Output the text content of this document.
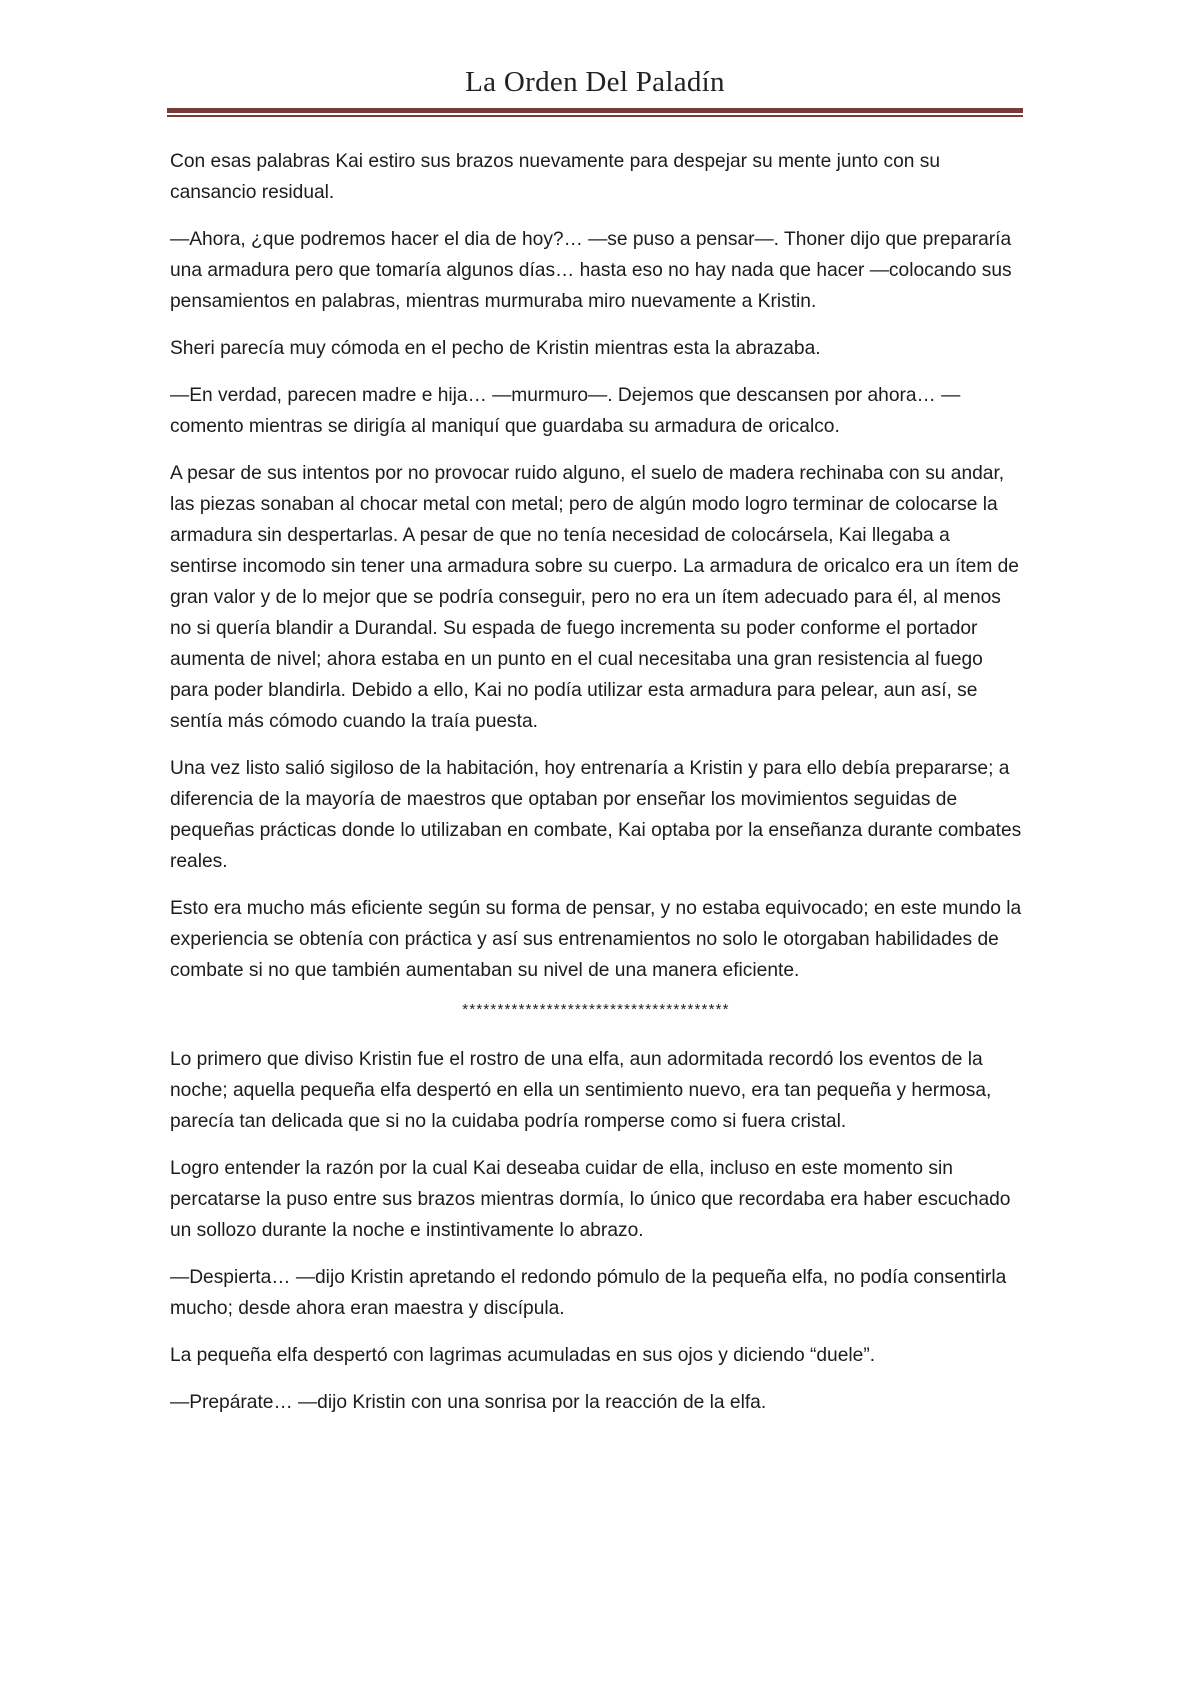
La Orden Del Paladín

Con esas palabras Kai estiro sus brazos nuevamente para despejar su mente junto con su cansancio residual.

—Ahora, ¿que podremos hacer el dia de hoy?… —se puso a pensar—. Thoner dijo que prepararía una armadura pero que tomaría algunos días… hasta eso no hay nada que hacer —colocando sus pensamientos en palabras, mientras murmuraba miro nuevamente a Kristin.

Sheri parecía muy cómoda en el pecho de Kristin mientras esta la abrazaba.

—En verdad, parecen madre e hija… —murmuro—. Dejemos que descansen por ahora… —comento mientras se dirigía al maniquí que guardaba su armadura de oricalco.

A pesar de sus intentos por no provocar ruido alguno, el suelo de madera rechinaba con su andar, las piezas sonaban al chocar metal con metal; pero de algún modo logro terminar de colocarse la armadura sin despertarlas. A pesar de que no tenía necesidad de colocársela, Kai llegaba a sentirse incomodo sin tener una armadura sobre su cuerpo. La armadura de oricalco era un ítem de gran valor y de lo mejor que se podría conseguir, pero no era un ítem adecuado para él, al menos no si quería blandir a Durandal. Su espada de fuego incrementa su poder conforme el portador aumenta de nivel; ahora estaba en un punto en el cual necesitaba una gran resistencia al fuego para poder blandirla. Debido a ello, Kai no podía utilizar esta armadura para pelear, aun así, se sentía más cómodo cuando la traía puesta.

Una vez listo salió sigiloso de la habitación, hoy entrenaría a Kristin y para ello debía prepararse; a diferencia de la mayoría de maestros que optaban por enseñar los movimientos seguidas de pequeñas prácticas donde lo utilizaban en combate, Kai optaba por la enseñanza durante combates reales.

Esto era mucho más eficiente según su forma de pensar, y no estaba equivocado; en este mundo la experiencia se obtenía con práctica y así sus entrenamientos no solo le otorgaban habilidades de combate si no que también aumentaban su nivel de una manera eficiente.

**************************************

Lo primero que diviso Kristin fue el rostro de una elfa, aun adormitada recordó los eventos de la noche; aquella pequeña elfa despertó en ella un sentimiento nuevo, era tan pequeña y hermosa, parecía tan delicada que si no la cuidaba podría romperse como si fuera cristal.

Logro entender la razón por la cual Kai deseaba cuidar de ella, incluso en este momento sin percatarse la puso entre sus brazos mientras dormía, lo único que recordaba era haber escuchado un sollozo durante la noche e instintivamente lo abrazo.

—Despierta… —dijo Kristin apretando el redondo pómulo de la pequeña elfa, no podía consentirla mucho; desde ahora eran maestra y discípula.

La pequeña elfa despertó con lagrimas acumuladas en sus ojos y diciendo “duele”.

—Prepárate… —dijo Kristin con una sonrisa por la reacción de la elfa.
